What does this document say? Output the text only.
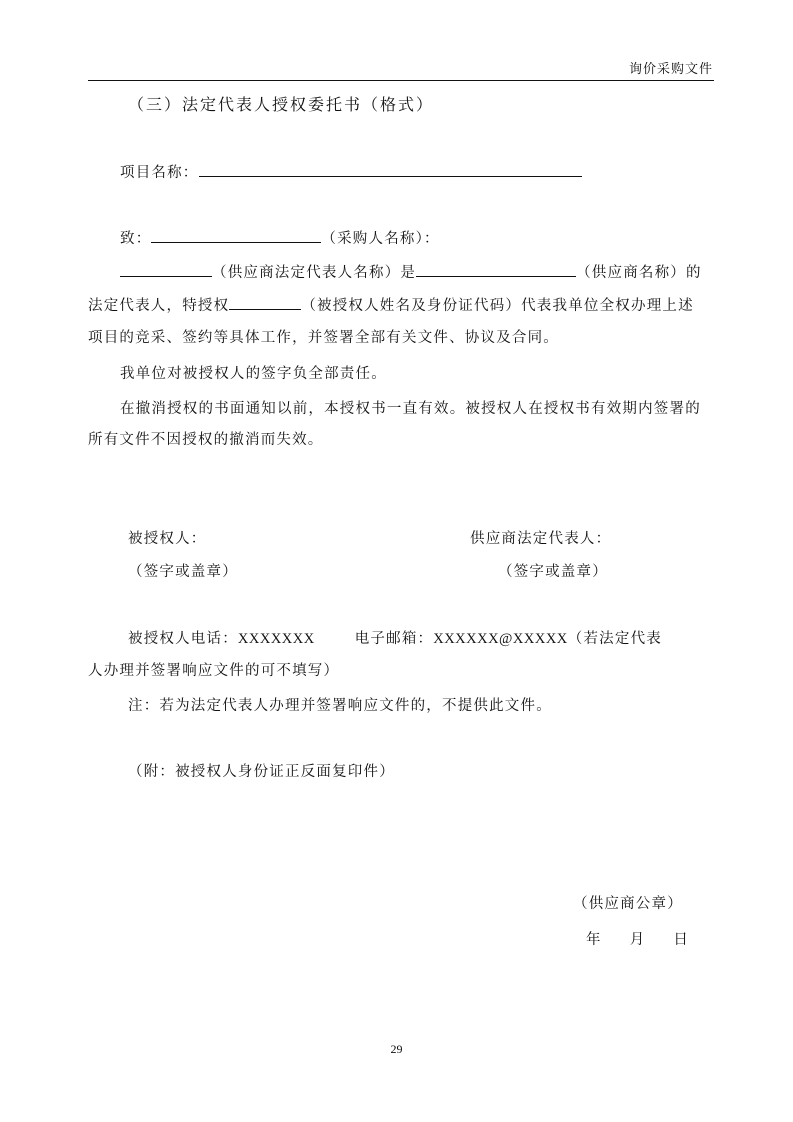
询价采购文件
（三）法定代表人授权委托书（格式）
项目名称：
致：	（采购人名称）：
（供应商法定代表人名称）是	（供应商名称）的
法定代表人，特授权	（被授权人姓名及身份证代码）代表我单位全权办理上述
项目的竞采、签约等具体工作，并签署全部有关文件、协议及合同。
我单位对被授权人的签字负全部责任。
在撤消授权的书面通知以前，本授权书一直有效。被授权人在授权书有效期内签署的
所有文件不因授权的撤消而失效。
被授权人：
（签字或盖章）
供应商法定代表人：
（签字或盖章）
被授权人电话：XXXXXXX	电子邮箱：XXXXXX@XXXXX（若法定代表
人办理并签署响应文件的可不填写）
注：若为法定代表人办理并签署响应文件的，不提供此文件。
（附：被授权人身份证正反面复印件）
（供应商公章）
年 月 日
29
